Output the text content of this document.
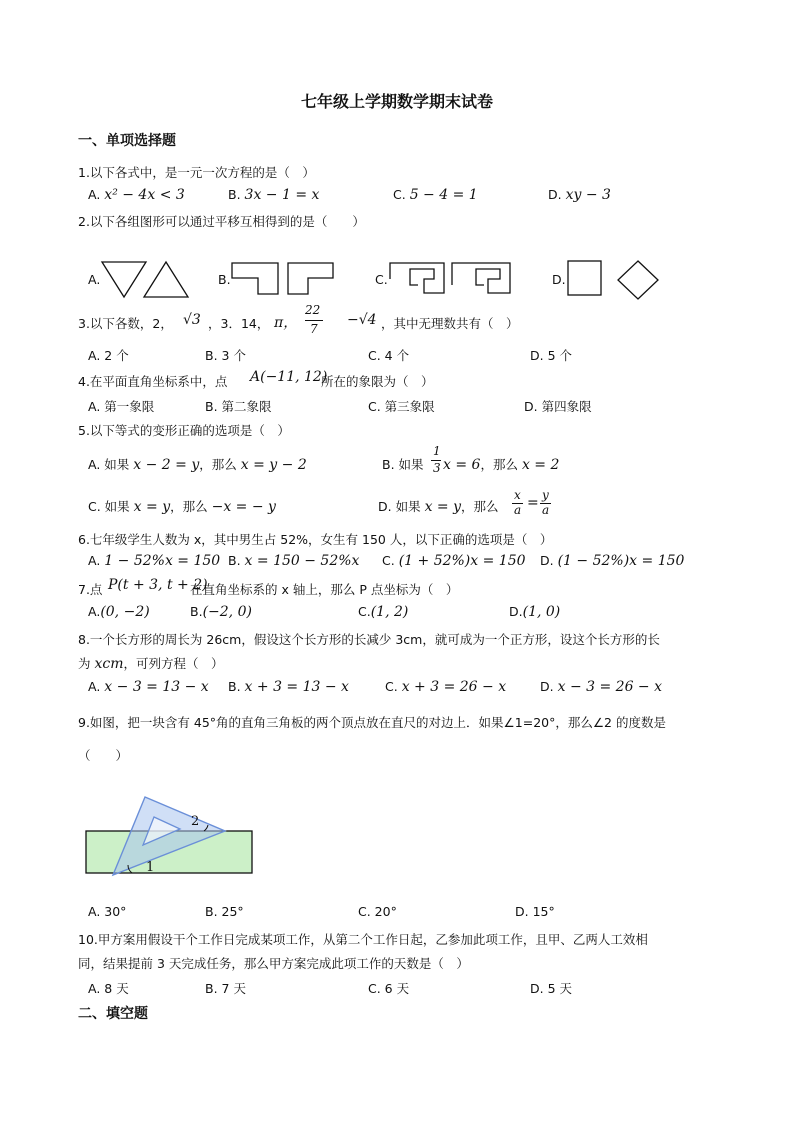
七年级上学期数学期末试卷
一、单项选择题
1.以下各式中，是一元一次方程的是（　）
A. x² − 4x < 3	B. 3x − 1 = x	C. 5 − 4 = 1	D. xy − 3
2.以下各组图形可以通过平移互相得到的是（　　）
A.	B.	C.	D.
3.以下各数，2， √3 ，3．14， π，
22
7
−√4 ，其中无理数共有（　）
A. 2 个	B. 3 个	C. 4 个	D. 5 个
4.在平面直角坐标系中，点 A(−11, 12)
所在的象限为（　）
A. 第一象限	B. 第二象限	C. 第三象限	D. 第四象限
5.以下等式的变形正确的选项是（　）
A. 如果 x − 2 = y，那么 x = y − 2	B. 如果
1
3 x = 6，那么 x = 2
C. 如果 x = y，那么 −x = − y	D. 如果 x = y，那么
x
a = y
a
6.七年级学生人数为 x，其中男生占 52%，女生有 150 人，以下正确的选项是（　）
A. 1 − 52%x = 150 B. x = 150 − 52%x C. (1 + 52%)x = 150 D. (1 − 52%)x = 150
7.点 P(t + 3, t + 2)
在直角坐标系的 x 轴上，那么 P 点坐标为（　）
A.(0, −2)	B.(−2, 0)	C.(1, 2)	D.(1, 0)
8.一个长方形的周长为 26cm，假设这个长方形的长减少 3cm，就可成为一个正方形，设这个长方形的长
为 xcm，可列方程（　）
A. x − 3 = 13 − x B. x + 3 = 13 − x	C. x + 3 = 26 − x	D. x − 3 = 26 − x
9.如图，把一块含有 45°角的直角三角板的两个顶点放在直尺的对边上．如果∠1=20°，那么∠2 的度数是
（　　）
1
2
A. 30°	B. 25°	C. 20°	D. 15°
10.甲方案用假设干个工作日完成某项工作，从第二个工作日起，乙参加此项工作，且甲、乙两人工效相
同，结果提前 3 天完成任务，那么甲方案完成此项工作的天数是（　）
A. 8 天	B. 7 天	C. 6 天	D. 5 天
二、填空题
